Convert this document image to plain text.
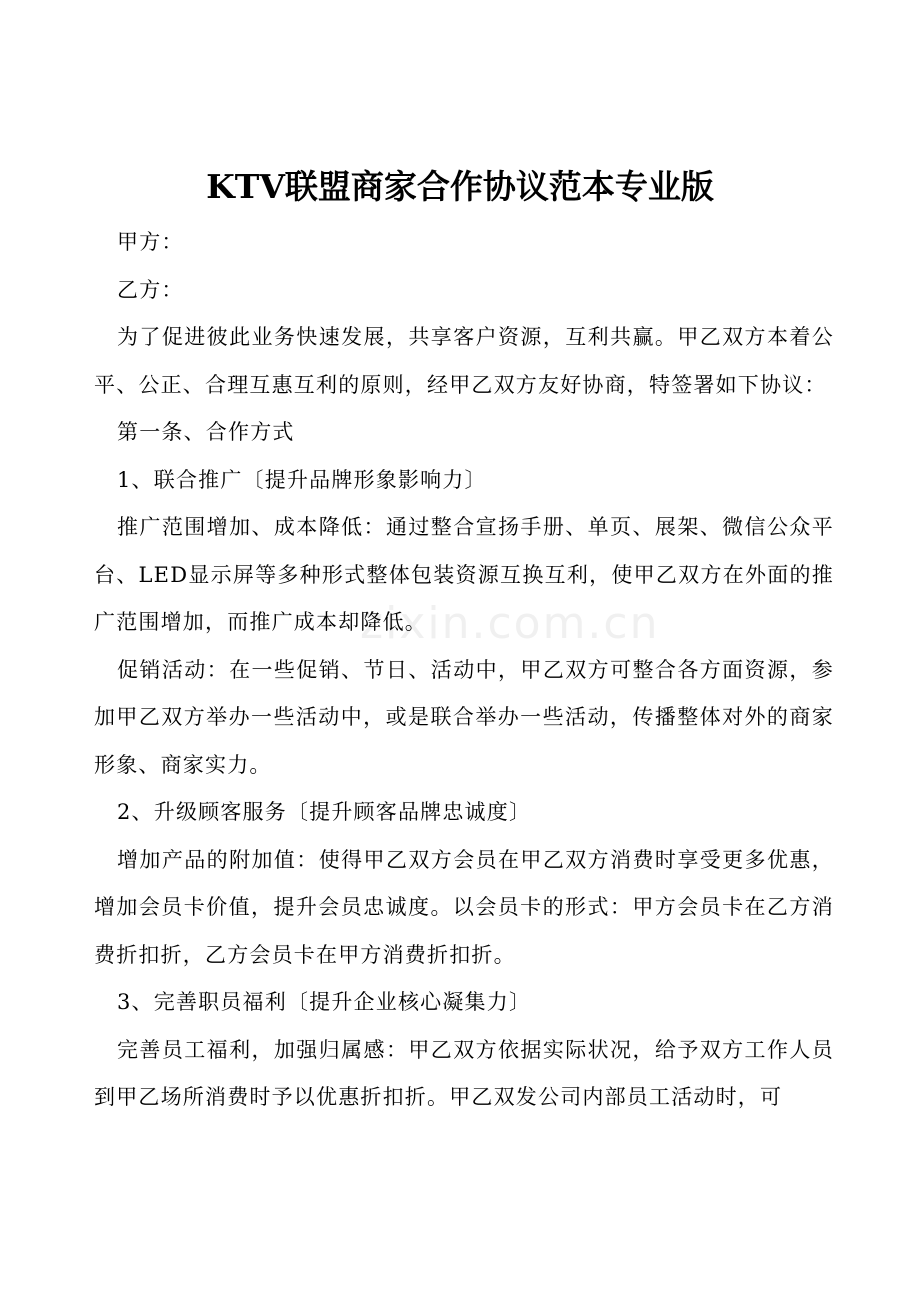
zixin.com.cn
KTV联盟商家合作协议范本专业版

甲方：

乙方：

为了促进彼此业务快速发展，共享客户资源，互利共赢。甲乙双方本着公平、公正、合理互惠互利的原则，经甲乙双方友好协商，特签署如下协议：

第一条、合作方式

1、联合推广〔提升品牌形象影响力〕

推广范围增加、成本降低：通过整合宣扬手册、单页、展架、微信公众平台、LED显示屏等多种形式整体包装资源互换互利，使甲乙双方在外面的推广范围增加，而推广成本却降低。

促销活动：在一些促销、节日、活动中，甲乙双方可整合各方面资源，参加甲乙双方举办一些活动中，或是联合举办一些活动，传播整体对外的商家形象、商家实力。

2、升级顾客服务〔提升顾客品牌忠诚度〕

增加产品的附加值：使得甲乙双方会员在甲乙双方消费时享受更多优惠，增加会员卡价值，提升会员忠诚度。以会员卡的形式：甲方会员卡在乙方消费折扣折，乙方会员卡在甲方消费折扣折。

3、完善职员福利〔提升企业核心凝集力〕

完善员工福利，加强归属感：甲乙双方依据实际状况，给予双方工作人员到甲乙场所消费时予以优惠折扣折。甲乙双发公司内部员工活动时，可
